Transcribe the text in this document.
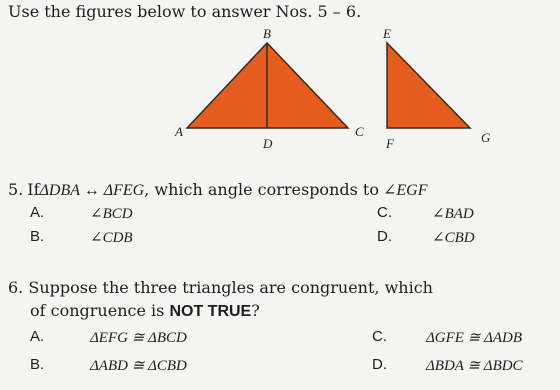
Use the figures below to answer Nos. 5 – 6.
B
A
D
C
E
F	G
5. IfΔDBA ↔ ΔFEG, which angle corresponds to ∠EGF
A.	∠BCD
B.	∠CDB
C.	∠BAD
D.	∠CBD
6. Suppose the three triangles are congruent, which
of congruence is NOT TRUE?
A.	ΔEFG ≅ ΔBCD
B.	ΔABD ≅ ΔCBD
C.	ΔGFE ≅ ΔADB
D.	ΔBDA ≅ ΔBDC
